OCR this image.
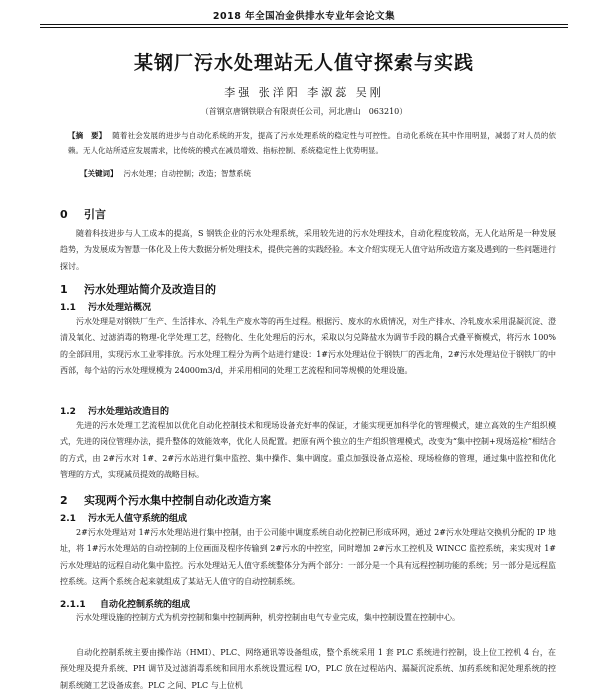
2018 年全国冶金供排水专业年会论文集
某钢厂污水处理站无人值守探索与实践
李强 张洋阳 李淑蕊 吴刚
（首钢京唐钢铁联合有限责任公司，河北唐山　063210）
【摘　要】 随着社会发展的进步与自动化系统的开发，提高了污水处理系统的稳定性与可控性。自动化系统在其中作用明显，减弱了对人员的依赖。无人化站所适应发展需求，比传统的模式在减员增效、指标控制、系统稳定性上优势明显。
【关键词】 污水处理；自动控制；改造；智慧系统
0 引言
随着科技进步与人工成本的提高，S 钢铁企业的污水处理系统，采用较先进的污水处理技术，自动化程度较高，无人化站所是一种发展趋势，为发展成为智慧一体化及上传大数据分析处理技术，提供完善的实践经验。本文介绍实现无人值守站所改造方案及遇到的一些问题进行探讨。
1 污水处理站简介及改造目的
1.1 污水处理站概况
污水处理是对钢铁厂生产、生活排水、冷轧生产废水等的再生过程。根据污、废水的水质情况，对生产排水、冷轧废水采用混凝沉淀、澄清及氧化、过滤消毒的物理-化学处理工艺，经物化、生化处理后的污水，采取以匀兑降盐水为调节手段的耦合式叠平衡模式，将污水 100%的全部回用，实现污水工业零排放。污水处理工程分为两个站进行建设：1#污水处理站位于钢铁厂的西北角，2#污水处理站位于钢铁厂的中西部，每个站的污水处理规模为 24000m3/d，并采用相同的处理工艺流程和同等规模的处理设施。
1.2 污水处理站改造目的
先进的污水处理工艺流程加以优化自动化控制技术和现场设备充好率的保证，才能实现更加科学化的管理模式，建立高效的生产组织模式，先进的岗位管理办法，提升整体的效能效率，优化人员配置。把原有两个独立的生产组织管理模式，改变为“集中控制+现场巡检”相结合的方式，由 2#污水对 1#、2#污水站进行集中监控、集中操作、集中调度。重点加强设备点巡检、现场检修的管理，通过集中监控和优化管理的方式，实现减员提效的战略目标。
2 实现两个污水集中控制自动化改造方案
2.1 污水无人值守系统的组成
2#污水处理站对 1#污水处理站进行集中控制，由于公司能中调度系统自动化控制已形成环网，通过 2#污水处理站交换机分配的 IP 地址，将 1#污水处理站的自动控制的上位画面及程序传输到 2#污水的中控室，同时增加 2#污水工控机及 WINCC 监控系统，来实现对 1#污水处理站的远程自动化集中监控。污水处理站无人值守系统整体分为两个部分：一部分是一个具有远程控制功能的系统；另一部分是远程监控系统。这两个系统合起来就组成了某站无人值守的自动控制系统。
2.1.1 自动化控制系统的组成
污水处理设施的控制方式为机旁控制和集中控制两种，机旁控制由电气专业完成，集中控制设置在控制中心。
自动化控制系统主要由操作站（HMI）、PLC、网络通讯等设备组成，整个系统采用 1 套 PLC 系统进行控制，设上位工控机 4 台，在预处理及提升系统、PH 调节及过滤消毒系统和回用水系统设置远程 I/O，PLC 放在过程站内、漏凝沉淀系统、加药系统和泥处理系统的控制系统随工艺设备成套。PLC 之间、PLC 与上位机
